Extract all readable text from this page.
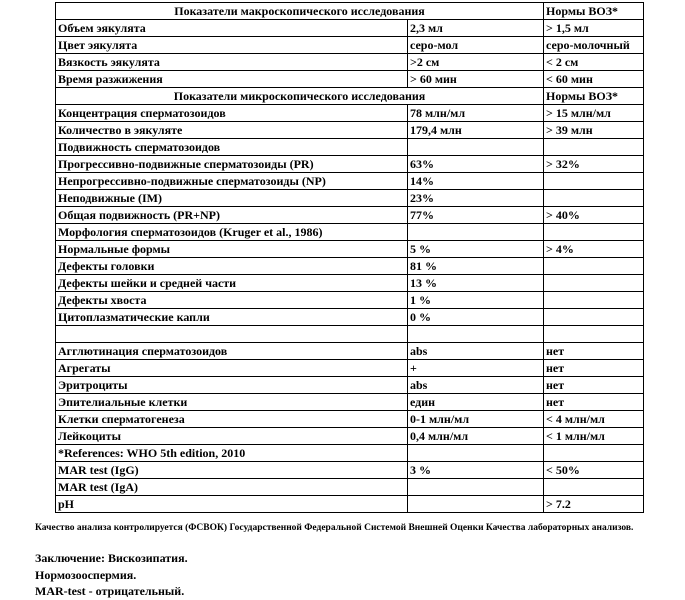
Показатели макроскопического исследования		Нормы ВОЗ*
Объем эякулята	2,3 мл	> 1,5 мл
Цвет эякулята	серо-мол	серо-молочный
Вязкость эякулята	>2 см	< 2 см
Время разжижения	> 60 мин	< 60 мин
Показатели микроскопического исследования		Нормы ВОЗ*
Концентрация сперматозоидов	78 млн/мл	> 15 млн/мл
Количество в эякуляте	179,4 млн	> 39 млн
Подвижность сперматозоидов		
Прогрессивно-подвижные сперматозоиды (PR)	63%	> 32%
Непрогрессивно-подвижные сперматозоиды (NP)	14%	
Неподвижные (IM)	23%	
Общая подвижность (PR+NP)	77%	> 40%
Морфология сперматозоидов (Kruger et al., 1986)		
Нормальные формы	5 %	> 4%
Дефекты головки	81 %	
Дефекты шейки и средней части	13 %	
Дефекты хвоста	1 %	
Цитоплазматические капли	0 %	

Агглютинация сперматозоидов	abs	нет
Агрегаты	+	нет
Эритроциты	abs	нет
Эпителиальные клетки	един	нет
Клетки сперматогенеза	0-1 млн/мл	< 4 млн/мл
Лейкоциты	0,4 млн/мл	< 1 млн/мл
*References: WHO 5th edition, 2010		
MAR test (IgG)	3 %	< 50%
MAR test (IgA)		
pH		> 7.2
Качество анализа контролируется (ФСВОК) Государственной Федеральной Системой Внешней Оценки Качества лабораторных анализов.
Заключение: Вискозипатия.
Нормозооспермия.
MAR-test - отрицательный.
